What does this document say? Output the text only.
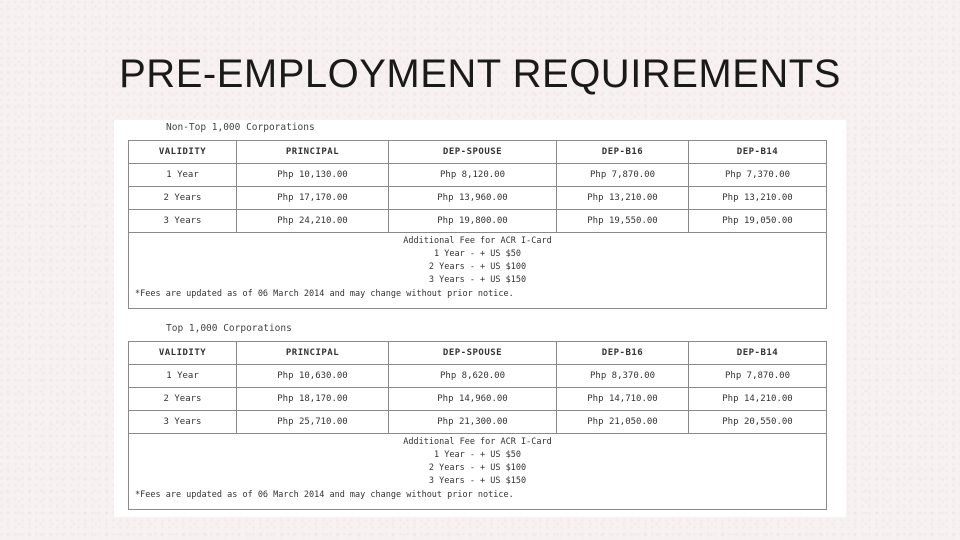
PRE-EMPLOYMENT REQUIREMENTS
Non-Top 1,000 Corporations
VALIDITY	PRINCIPAL	DEP-SPOUSE	DEP-B16	DEP-B14
1 Year	Php 10,130.00	Php 8,120.00	Php 7,870.00	Php 7,370.00
2 Years	Php 17,170.00	Php 13,960.00	Php 13,210.00	Php 13,210.00
3 Years	Php 24,210.00	Php 19,800.00	Php 19,550.00	Php 19,050.00

Additional Fee for ACR I-Card
1 Year - + US $50
2 Years - + US $100
3 Years - + US $150
*Fees are updated as of 06 March 2014 and may change without prior notice.				
Top 1,000 Corporations
VALIDITY	PRINCIPAL	DEP-SPOUSE	DEP-B16	DEP-B14
1 Year	Php 10,630.00	Php 8,620.00	Php 8,370.00	Php 7,870.00
2 Years	Php 18,170.00	Php 14,960.00	Php 14,710.00	Php 14,210.00
3 Years	Php 25,710.00	Php 21,300.00	Php 21,050.00	Php 20,550.00

Additional Fee for ACR I-Card
1 Year - + US $50
2 Years - + US $100
3 Years - + US $150
*Fees are updated as of 06 March 2014 and may change without prior notice.				
